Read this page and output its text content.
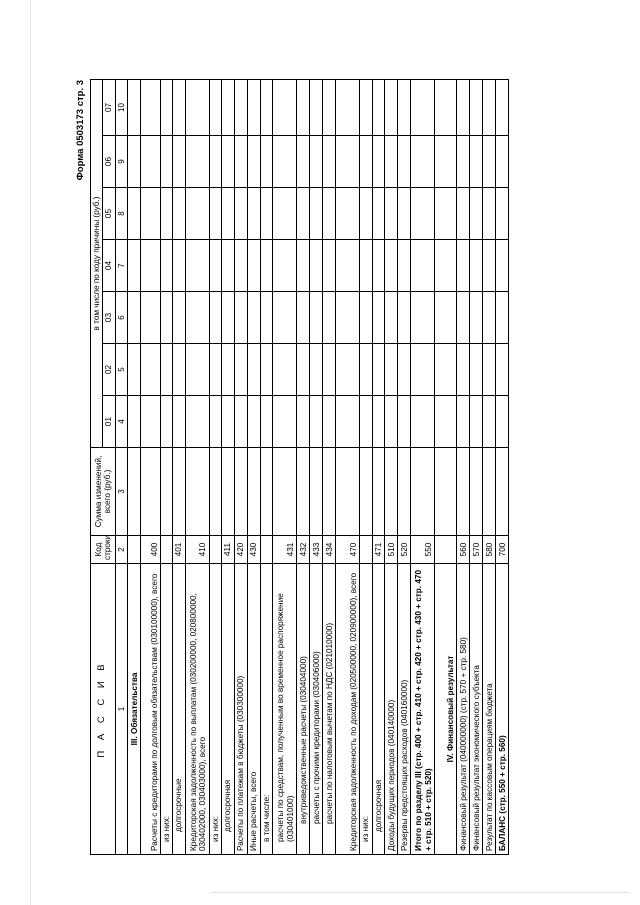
Форма 0503173 стр. 3
П А С С И В	Код строки	Сумма изменений, всего (руб.)	в том числе по коду причины (руб.)						
			01	02	03	04	05	06	07
1	2	3	4	5	6	7	8	9	10
III. Обязательства									
Расчеты с кредиторами по долговым обязательствам (030100000), всего	400								
из них:									
долгосрочные	401								
Кредиторская задолженность по выплатам (030200000, 020800000, 030402000, 030403000), всего	410								
из них:									
долгосрочная	411								
Расчеты по платежам в бюджеты (030300000)	420								
Иные расчеты, всего	430								
в том числе:									
расчеты по средствам, полученным во временное распоряжение (030401000)	431								
внутриведомственные расчеты (030404000)	432								
расчеты с прочими кредиторами (030406000)	433								
расчеты по налоговым вычетам по НДС (021010000)	434								
Кредиторская задолженность по доходам (020500000, 020900000), всего	470								
из них:									
долгосрочная	471								
Доходы будущих периодов (040140000)	510								
Резервы предстоящих расходов (040160000)	520								
Итого по разделу III (стр. 400 + стр. 410 + стр. 420 + стр. 430 + стр. 470 + стр. 510 + стр. 520)	550								
IV. Финансовый результат									
Финансовый результат (040000000) (стр. 570 + стр. 580)	560								
Финансовый результат экономического субъекта	570								
Результат по кассовым операциям бюджета	580								
БАЛАНС (стр. 550 + стр. 560)	700								
